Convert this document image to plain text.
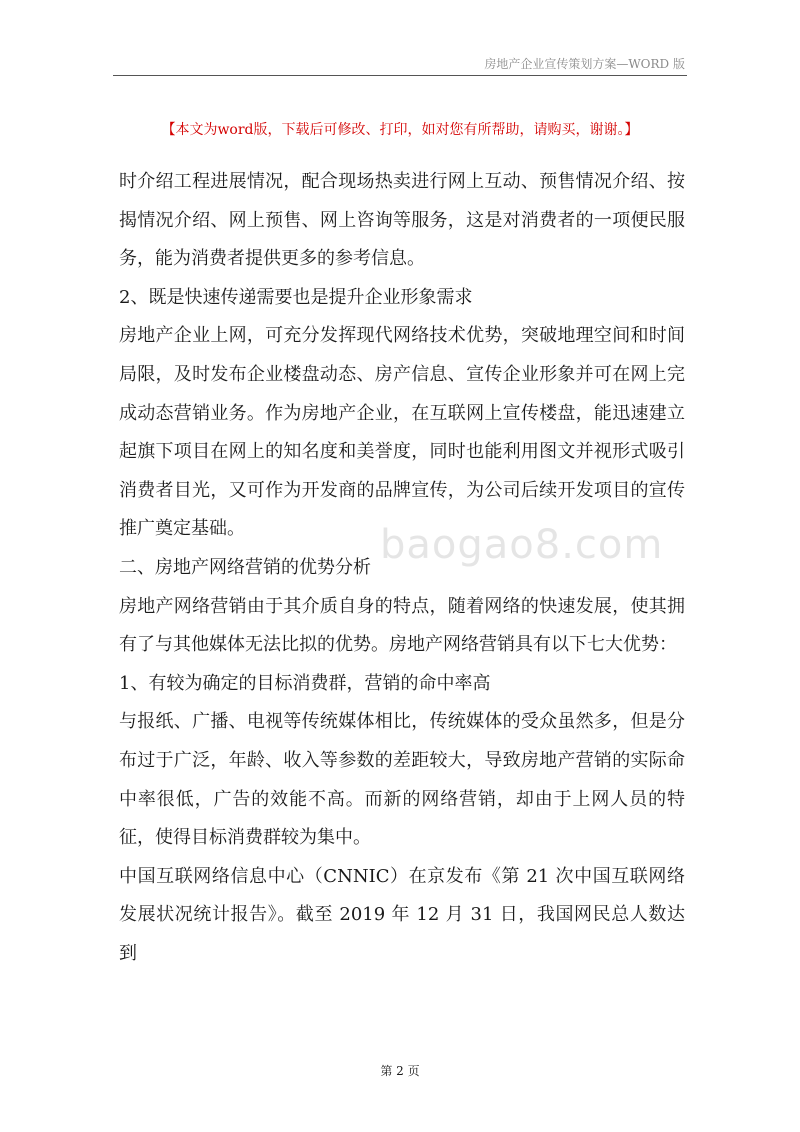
房地产企业宣传策划方案—WORD 版
【本文为word版，下载后可修改、打印，如对您有所帮助，请购买，谢谢。】

时介绍工程进展情况，配合现场热卖进行网上互动、预售情况介绍、按揭情况介绍、网上预售、网上咨询等服务，这是对消费者的一项便民服务，能为消费者提供更多的参考信息。

2、既是快速传递需要也是提升企业形象需求

房地产企业上网，可充分发挥现代网络技术优势，突破地理空间和时间局限，及时发布企业楼盘动态、房产信息、宣传企业形象并可在网上完成动态营销业务。作为房地产企业，在互联网上宣传楼盘，能迅速建立起旗下项目在网上的知名度和美誉度，同时也能利用图文并视形式吸引消费者目光，又可作为开发商的品牌宣传，为公司后续开发项目的宣传推广奠定基础。

二、房地产网络营销的优势分析

房地产网络营销由于其介质自身的特点，随着网络的快速发展，使其拥有了与其他媒体无法比拟的优势。房地产网络营销具有以下七大优势：

1、有较为确定的目标消费群，营销的命中率高

与报纸、广播、电视等传统媒体相比，传统媒体的受众虽然多，但是分布过于广泛，年龄、收入等参数的差距较大，导致房地产营销的实际命中率很低，广告的效能不高。而新的网络营销，却由于上网人员的特征，使得目标消费群较为集中。

中国互联网络信息中心（CNNIC）在京发布《第 21 次中国互联网络发展状况统计报告》。截至 2019 年 12 月 31 日，我国网民总人数达到

baogao8.com
第 2 页
